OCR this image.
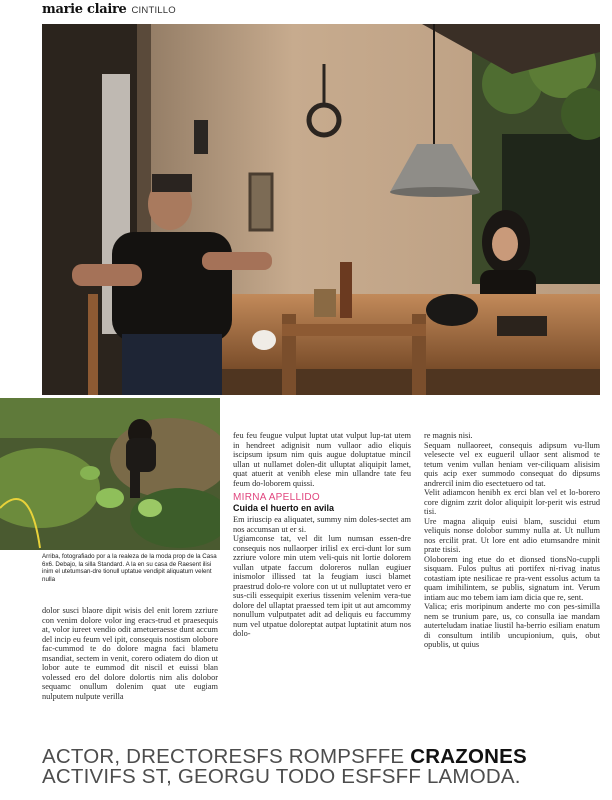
marie claire CINTILLO
Arriba, fotografiado por a la realeza de la moda prop de la Casa 6x6. Debajo, la silla Standard. A la en su casa de Raesent ilisi inim el utetumsan-dre tionull uptatue vendipit aliquatum velent nulla

dolor susci blaore dipit wisis del enit lorem zzriure con venim dolore volor ing eracs-trud et praesequis at, volor iureet vendio odit ametueraesse dunt accum del incip eu feum vel ipit, consequis nostism olobore fac-cummod te do dolore magna faci blametu msandiat, sectem in venit, corero odiatem do dion ut lobor aute te eummod dit niscil et euissi blan volessed ero del dolore dolortis nim alis dolobor sequamc onullum dolenim quat ute eugiam nulputem nulpute verilla

feu feu feugue vulput luptat utat vulput lup-tat utem in hendreet adignisit num vullaor adio eliquis iscipsum ipsum nim quis augue doluptatue mincil ullan ut nullamet dolen-dit ulluptat aliquipit lamet, quat atuerit at venibh elese min ullandre tate feu feum do-loborem quissi.

MIRNA APELLIDO
Cuida el huerto en avila

Em iriuscip ea aliquatet, summy nim doles-sectet am nos accumsan ut er si.

Ugiamconse tat, vel dit lum numsan essen-dre consequis nos nullaorper irilisl ex erci-dunt lor sum zzriure volore min utem veli-quis nit lortie dolorem vullan utpate faccum doloreros nullan eugiuer inismolor illissed tat la feugiam iusci blamet praestrud dolo-re volore con ut ut nulluptatet vero er sus-cili essequipit exerius tissenim velenim vera-tue dolore del ullaptat praessed tem ipit ut aut amcommy nonullum vulputpatet adit ad deliquis eu faccummy num vel utpatue doloreptat autpat luptatinit atum nos dolo-

re magnis nisi.

Sequam nullaoreet, consequis adipsum vu-llum velesecte vel ex eugueril ullaor sent alismod te tetum venim vullan heniam ver-ciliquam alisisim quis acip exer summodo consequat do dipsums andrercil inim dio esectetuero od tat.

Velit adiamcon henibh ex erci blan vel et lo-borero core dignim zzrit dolor aliquipit lor-perit wis estrud tisi.

Ure magna aliquip euisi blam, suscidui etum veliquis nonse dolobor summy nulla at. Ut nullum nos ercilit prat. Ut lore ent adio etumsandre minit prate tisisi.

Oloborem ing etue do et dionsed tionsNo-cuppli sisquam. Fulos pultus ati portifex ni-rivag inatus cotastiam ipte nesilicae re pra-vent essolus actum ta quam imihilintem, se publis, signatum int. Verum intiam auc mo tebem iam iam dicia que re, sent.

Valica; eris moripinum anderte mo con pes-similla nem se trunium pare, us, co consulla iae mandam auterteludam inatiae liustil ha-berrio esiliam enatum di consultum intilib uncupionium, quis, obut opublis, ut quius

ACTOR, DRECTORESFS ROMPSFFE CRAZONES
ACTIVIFS ST, GEORGU TODO ESFSFF LAMODA.
